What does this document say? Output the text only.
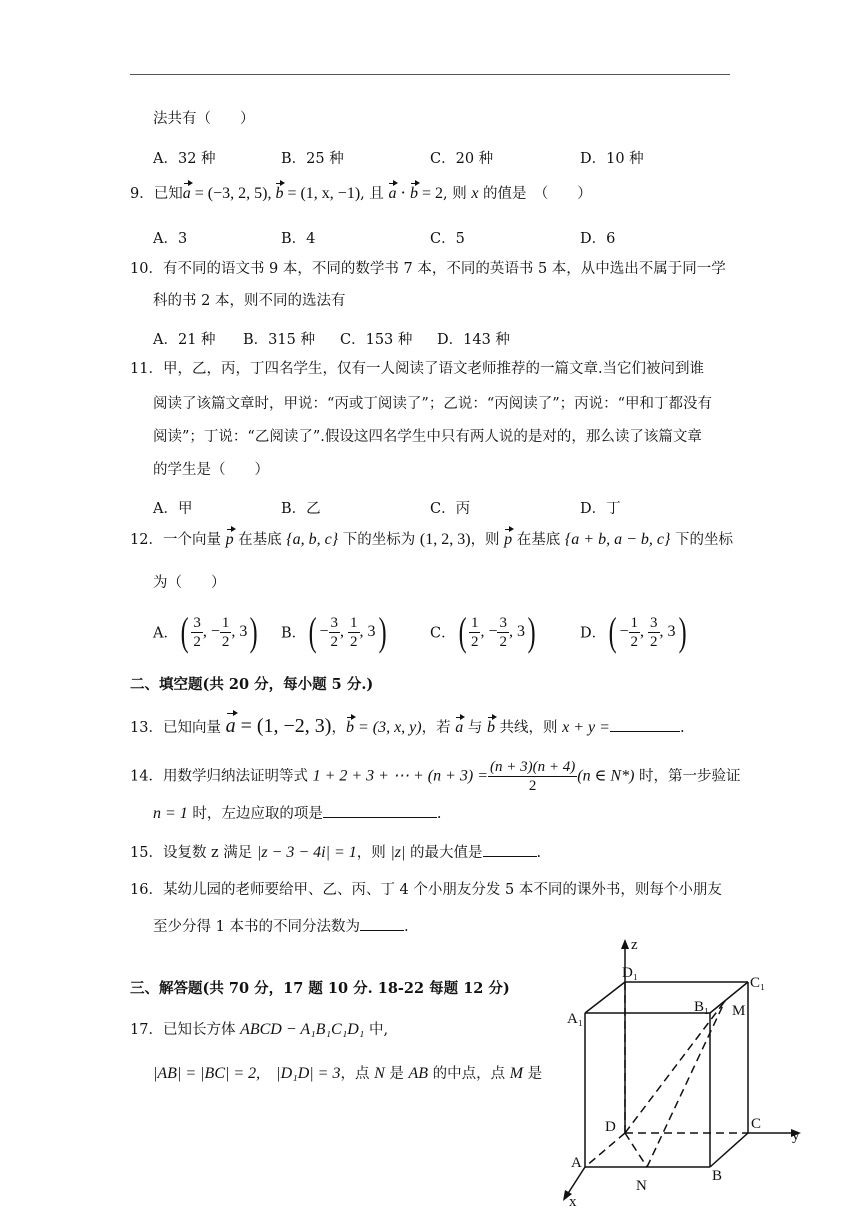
法共有（　　）
A．32 种	B．25 种	C．20 种	D．10 种
9．已知a = (−3, 2, 5), b = (1, x, −1), 且 a ⋅ b = 2, 则 x 的值是　（　　）
A．3	B．4	C．5	D．6
10．有不同的语文书 9 本，不同的数学书 7 本，不同的英语书 5 本，从中选出不属于同一学
科的书 2 本，则不同的选法有
A．21 种 B．315 种 C．153 种 D．143 种
11．甲，乙，丙，丁四名学生，仅有一人阅读了语文老师推荐的一篇文章.当它们被问到谁
阅读了该篇文章时，甲说：“丙或丁阅读了”；乙说：“丙阅读了”；丙说：“甲和丁都没有
阅读”；丁说：“乙阅读了”.假设这四名学生中只有两人说的是对的，那么读了该篇文章
的学生是（　　）
A．甲	B．乙	C．丙	D．丁
12．一个向量 p 在基底 {a, b, c} 下的坐标为 (1, 2, 3)，则 p 在基底 {a + b, a − b, c} 下的坐标
为（　　）
A．( $\frac{3}{2}$ , − $\frac{1}{2}$ , 3) B．( − $\frac{3}{2}$ , $\frac{1}{2}$ , 3)	C．( $\frac{1}{2}$ , − $\frac{3}{2}$ , 3)	D．( − $\frac{1}{2}$ , $\frac{3}{2}$ , 3)
二、填空题(共 20 分，每小题 5 分.)
13．已知向量 a = (1, −2, 3)，b = (3, x, y)，若 a 与 b 共线，则 x + y =	.
14．用数学归纳法证明等式 1 + 2 + 3 + ⋯ + $(n + 3) = \frac{(n + 3)(n + 4)}{2} (n$ ∈ N*) 时，第一步验证
n = 1 时，左边应取的项是	.
15．设复数 z 满足 |z − 3 − 4i| = 1，则 |z| 的最大值是	.
16．某幼儿园的老师要给甲、乙、丙、丁 4 个小朋友分发 5 本不同的课外书，则每个小朋友
至少分得 1 本书的不同分法数为	.
三、解答题(共 70 分，17 题 10 分. 18-22 每题 12 分)
17．已知长方体 ABCD − A₁B₁C₁D₁ 中,
|AB| = |BC| = 2,　|D₁D| = 3，点 N 是 AB 的中点，点 M 是
z
y
x
D₁
C₁
A₁
B₁ M
D	C
A
B
N
